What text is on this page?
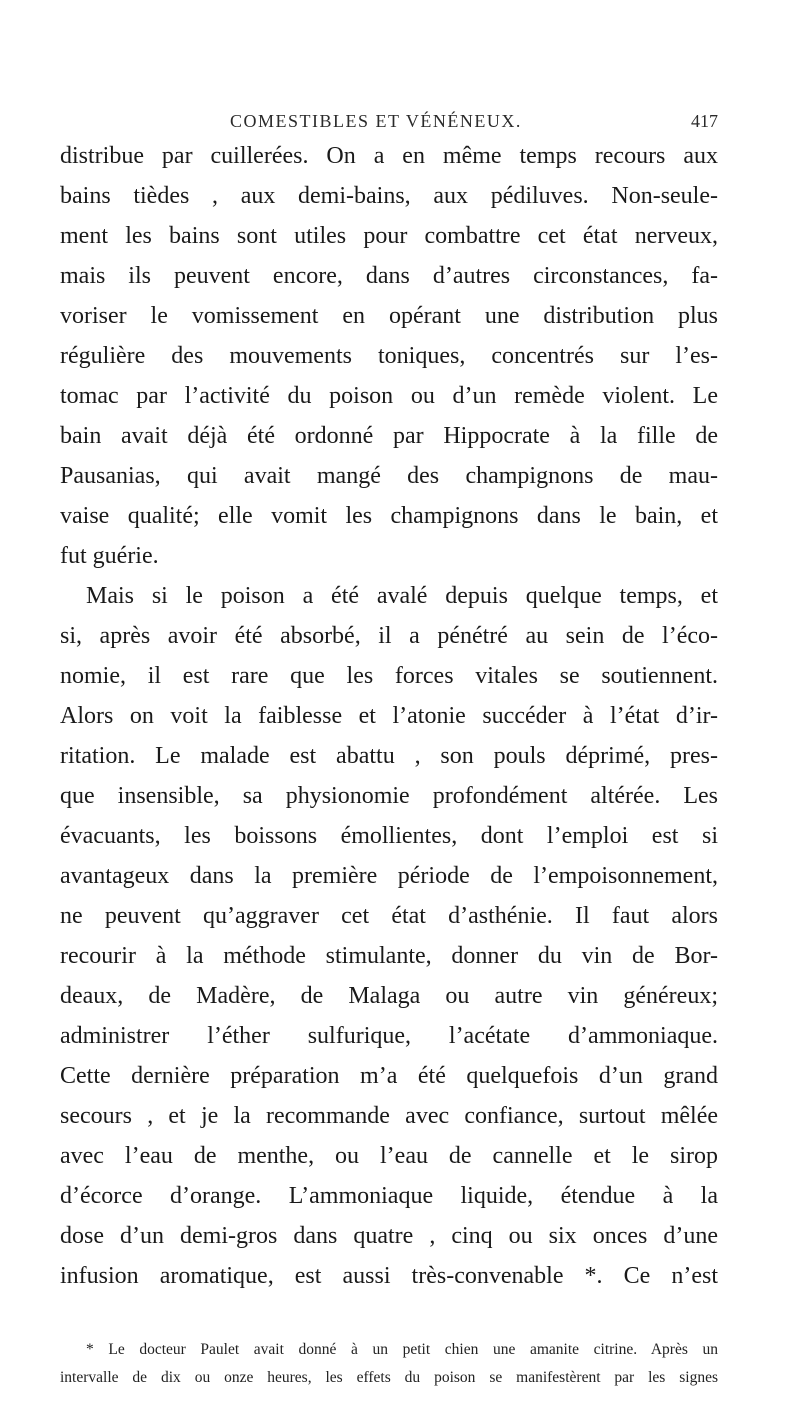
COMESTIBLES ET VÉNÉNEUX.	417
distribue par cuillerées. On a en même temps recours aux
bains tièdes , aux demi-bains, aux pédiluves. Non-seule-
ment les bains sont utiles pour combattre cet état nerveux,
mais ils peuvent encore, dans d’autres circonstances, fa-
voriser le vomissement en opérant une distribution plus
régulière des mouvements toniques, concentrés sur l’es-
tomac par l’activité du poison ou d’un remède violent. Le
bain avait déjà été ordonné par Hippocrate à la fille de
Pausanias, qui avait mangé des champignons de mau-
vaise qualité; elle vomit les champignons dans le bain, et
fut guérie.
Mais si le poison a été avalé depuis quelque temps, et
si, après avoir été absorbé, il a pénétré au sein de l’éco-
nomie, il est rare que les forces vitales se soutiennent.
Alors on voit la faiblesse et l’atonie succéder à l’état d’ir-
ritation. Le malade est abattu , son pouls déprimé, pres-
que insensible, sa physionomie profondément altérée. Les
évacuants, les boissons émollientes, dont l’emploi est si
avantageux dans la première période de l’empoisonnement,
ne peuvent qu’aggraver cet état d’asthénie. Il faut alors
recourir à la méthode stimulante, donner du vin de Bor-
deaux, de Madère, de Malaga ou autre vin généreux;
administrer l’éther sulfurique, l’acétate d’ammoniaque.
Cette dernière préparation m’a été quelquefois d’un grand
secours , et je la recommande avec confiance, surtout mêlée
avec l’eau de menthe, ou l’eau de cannelle et le sirop
d’écorce d’orange. L’ammoniaque liquide, étendue à la
dose d’un demi-gros dans quatre , cinq ou six onces d’une
infusion aromatique, est aussi très-convenable *. Ce n’est
* Le docteur Paulet avait donné à un petit chien une amanite citrine. Après un
intervalle de dix ou onze heures, les effets du poison se manifestèrent par les signes
